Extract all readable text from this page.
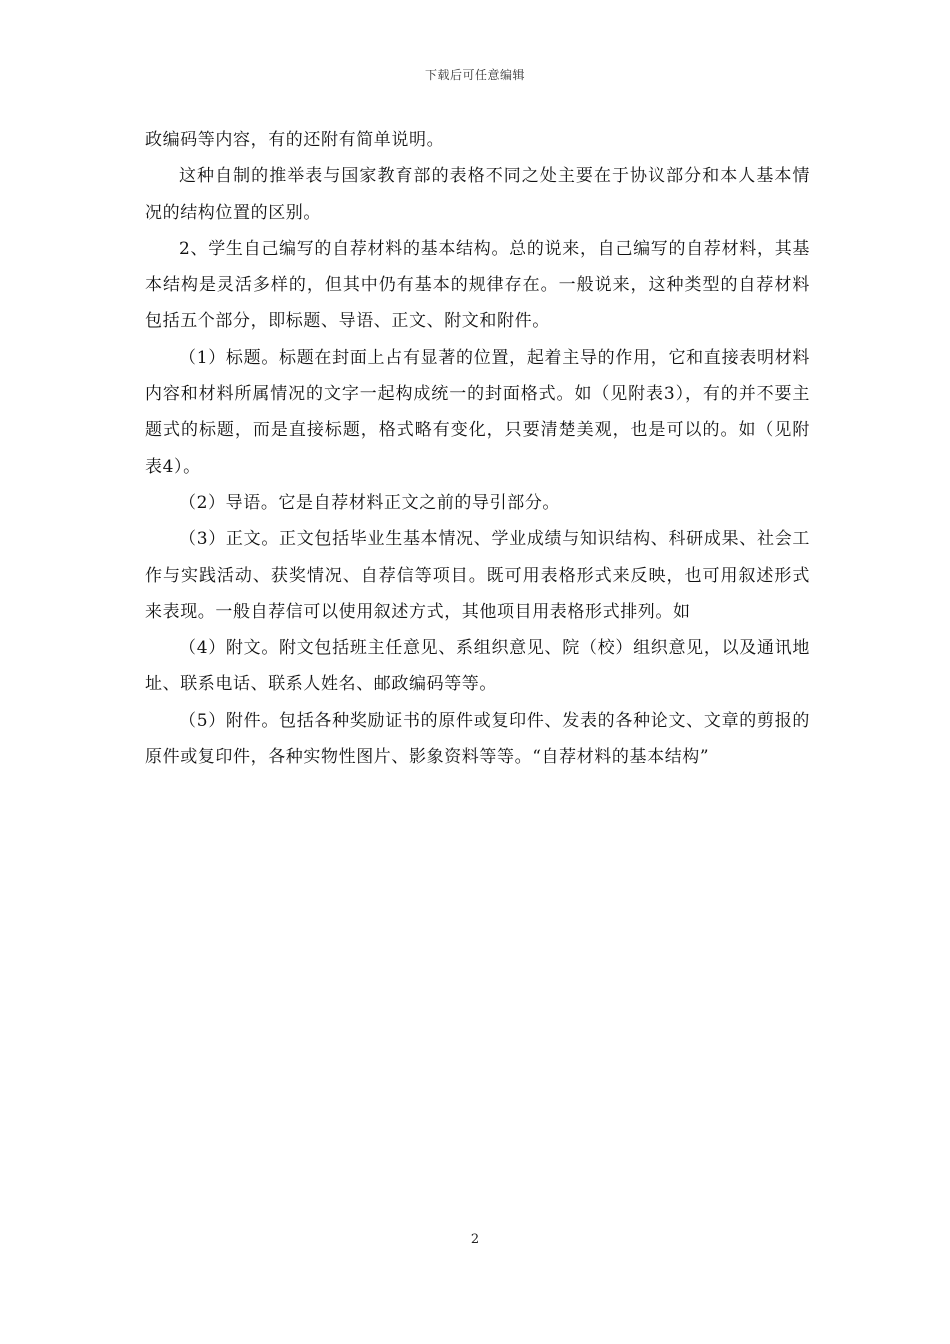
下载后可任意编辑

政编码等内容，有的还附有简单说明。

这种自制的推举表与国家教育部的表格不同之处主要在于协议部分和本人基本情况的结构位置的区别。

2、学生自己编写的自荐材料的基本结构。总的说来，自己编写的自荐材料，其基本结构是灵活多样的，但其中仍有基本的规律存在。一般说来，这种类型的自荐材料包括五个部分，即标题、导语、正文、附文和附件。

（1）标题。标题在封面上占有显著的位置，起着主导的作用，它和直接表明材料内容和材料所属情况的文字一起构成统一的封面格式。如（见附表3），有的并不要主题式的标题，而是直接标题，格式略有变化，只要清楚美观，也是可以的。如（见附表4）。

（2）导语。它是自荐材料正文之前的导引部分。

（3）正文。正文包括毕业生基本情况、学业成绩与知识结构、科研成果、社会工作与实践活动、获奖情况、自荐信等项目。既可用表格形式来反映，也可用叙述形式来表现。一般自荐信可以使用叙述方式，其他项目用表格形式排列。如

（4）附文。附文包括班主任意见、系组织意见、院（校）组织意见，以及通讯地址、联系电话、联系人姓名、邮政编码等等。

（5）附件。包括各种奖励证书的原件或复印件、发表的各种论文、文章的剪报的原件或复印件，各种实物性图片、影象资料等等。“自荐材料的基本结构”

2
